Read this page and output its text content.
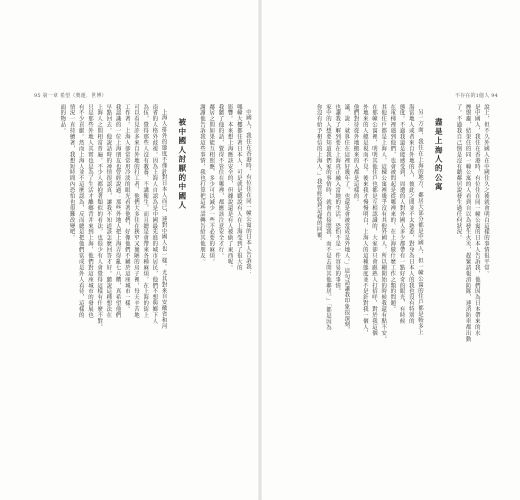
95 第一章 希望（奧運．世博）

中國人，我住在香港時，有位住在同一幢公寓的日本人告訴我：

哪幢大樓都住著日本人，可是就是聽說有人在上海受到了很大的

影響。本來想上海應該安全的，但據說還是有人被偷了東西呢。

我聽了他的話，覺得不管住在哪裡，都應該注意安全才行。

鄰居之間如果能互相照應，多少可以減少一些不必要的麻煩。

謝謝他告訴我這些事情，我也打算把這些話轉告給其他朋友。

被中國人討厭的中國人

上海人排外的態度不僅針對日本人而已，連對中國人也一樣。尤其對來自安徽省和河

南省的人格外歧視。因為上海人自認為是中國最先進的城市居民，他們不想與鄉下人

為伍，覺得那些人沒有教養、不講衛生，而且總是會帶來各種麻煩。在上海的街上

可以看見許多來自外地的打工者，他們大多住在狹窄又簡陋的房子裡，每天辛苦地

工作著。上海人卻常常用冷淡的眼光看著他們，好像他們不屬於這座城市一樣。

我認識的一位上海朋友也曾經說過：那些外地人把上海弄得亂七八糟，真希望他們

早點回去。他說話時的神情很認真，讓我不知道該怎麼回答才好。聽說這種想法在

上海人之間相當普遍，不少人都抱著類似的看法，也很少有人會覺得這樣有什麼不對。

只是那些外地人其實也是為了生活才離鄉背井來到上海，他們對這座城市的發展也

有不少貢獻。然而上海人並不這麼認為，反而總是把他們當成是外人看待，這樣的

情況一直持續著，我想短時間內恐怕也很難改變吧。

面的物品。

不存在的1億人 94

說上，但不久外國人在中國住久之後就會明白這樣的事情很平常。

是中國人，我住在香港時，有位住在同一幢公寓的日本人告訴我，他們因為日本帶來的水

煙盤蟲，結果住的同一幢公寓的人看到自以為發生火災，趕緊請報消防隊，連消防車都出動

了。不過我自己倒是沒有聽鄰居說發生過任何狀況。

盡是上海人的公寓

另一方面，我住在上海的地方，鄰居大部分都是中國人，但一幢公寓的住戶都是較多上

海當地人或者來自外地的人，彼此之間並不太熟悉，對身為日本人的我也沒有特別的

態度。不過我還是能感受到，周遭的人對外國人多少都帶有一點好奇的眼光，有時候

在電梯裡遇到他們，也會被問起是從哪裡來的、在上海做什麼工作之類的問題。

其他住戶都是上海人，這棟公寓裡幾乎沒有其他外國人，所以剛開始的時候我還有點不安。

在那幢公寓裡，明明其他住戶也都是互相認識的，大家卻只會跟熟人打招呼，對於我這個

外地來的人總是視而不見。後來我才慢慢明白，上海人的這種態度並不是針對我一個人，

他們對待從外地搬來的人都是這樣的。

議，說：就算住在這裡好幾年了，也還是會被當成是外地人。」這句話讓我印象很深刻，

也讓我了解到要在上海真正融入當地的生活，恐怕不是一件容易的事情。

家中的人想要知道我們家的事情時，就會直接問我，而不是去問其他鄰居。」「都是因為

你沒有給予相信的上海人。」我曾經收到這樣的回覆。
